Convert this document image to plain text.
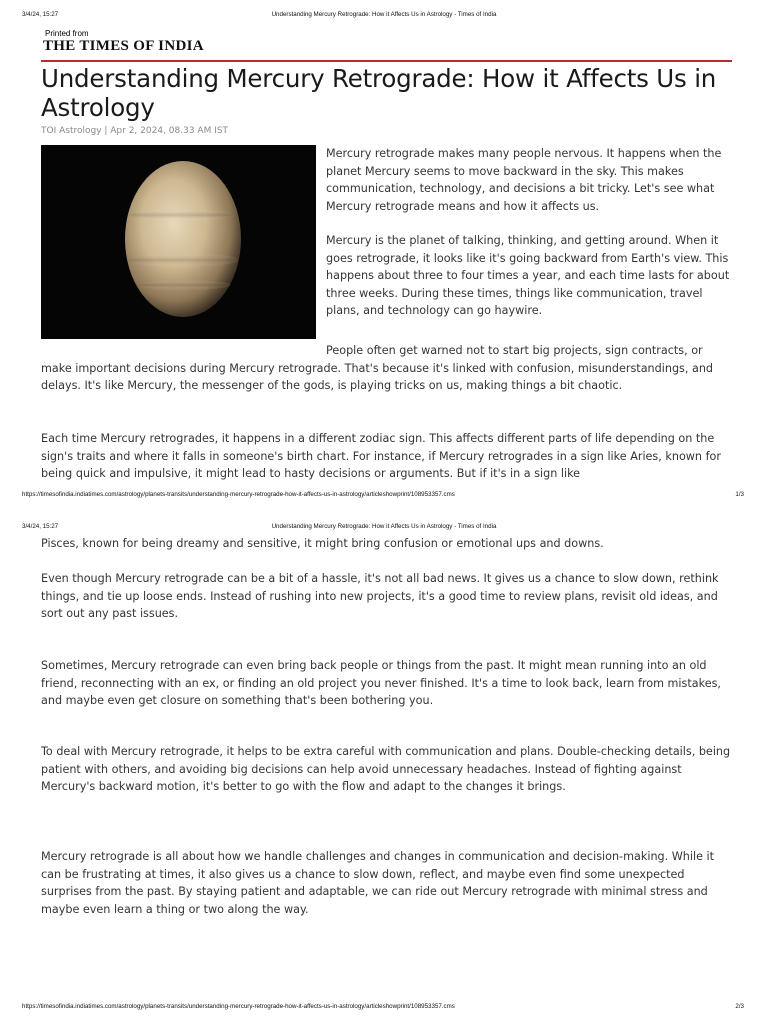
3/4/24, 15:27	Understanding Mercury Retrograde: How it Affects Us in Astrology - Times of India
Printed from
THE TIMES OF INDIA
Understanding Mercury Retrograde: How it Affects Us in Astrology
TOI Astrology | Apr 2, 2024, 08.33 AM IST

Mercury retrograde makes many people nervous. It happens when the planet Mercury seems to move backward in the sky. This makes communication, technology, and decisions a bit tricky. Let's see what Mercury retrograde means and how it affects us.

Mercury is the planet of talking, thinking, and getting around. When it goes retrograde, it looks like it's going backward from Earth's view. This happens about three to four times a year, and each time lasts for about three weeks. During these times, things like communication, travel plans, and technology can go haywire.

People often get warned not to start big projects, sign contracts, or make important decisions during Mercury retrograde. That's because it's linked with confusion, misunderstandings, and delays. It's like Mercury, the messenger of the gods, is playing tricks on us, making things a bit chaotic.

Each time Mercury retrogrades, it happens in a different zodiac sign. This affects different parts of life depending on the sign's traits and where it falls in someone's birth chart. For instance, if Mercury retrogrades in a sign like Aries, known for being quick and impulsive, it might lead to hasty decisions or arguments. But if it's in a sign like

https://timesofindia.indiatimes.com/astrology/planets-transits/understanding-mercury-retrograde-how-it-affects-us-in-astrology/articleshowprint/108953357.cms	1/3
3/4/24, 15:27	Understanding Mercury Retrograde: How it Affects Us in Astrology - Times of India

Pisces, known for being dreamy and sensitive, it might bring confusion or emotional ups and downs.

Even though Mercury retrograde can be a bit of a hassle, it's not all bad news. It gives us a chance to slow down, rethink things, and tie up loose ends. Instead of rushing into new projects, it's a good time to review plans, revisit old ideas, and sort out any past issues.

Sometimes, Mercury retrograde can even bring back people or things from the past. It might mean running into an old friend, reconnecting with an ex, or finding an old project you never finished. It's a time to look back, learn from mistakes, and maybe even get closure on something that's been bothering you.

To deal with Mercury retrograde, it helps to be extra careful with communication and plans. Double-checking details, being patient with others, and avoiding big decisions can help avoid unnecessary headaches. Instead of fighting against Mercury's backward motion, it's better to go with the flow and adapt to the changes it brings.

Mercury retrograde is all about how we handle challenges and changes in communication and decision-making. While it can be frustrating at times, it also gives us a chance to slow down, reflect, and maybe even find some unexpected surprises from the past. By staying patient and adaptable, we can ride out Mercury retrograde with minimal stress and maybe even learn a thing or two along the way.

https://timesofindia.indiatimes.com/astrology/planets-transits/understanding-mercury-retrograde-how-it-affects-us-in-astrology/articleshowprint/108953357.cms	2/3
